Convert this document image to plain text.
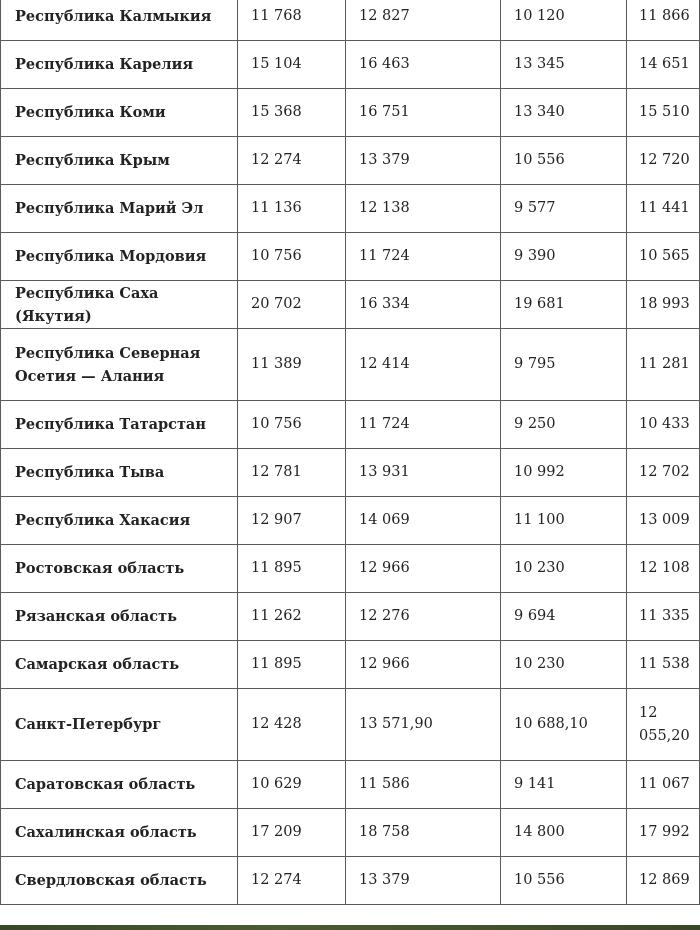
Республика Калмыкия	11 768	12 827	10 120	11 866
Республика Карелия	15 104	16 463	13 345	14 651
Республика Коми	15 368	16 751	13 340	15 510
Республика Крым	12 274	13 379	10 556	12 720
Республика Марий Эл	11 136	12 138	9 577	11 441
Республика Мордовия	10 756	11 724	9 390	10 565
Республика Саха (Якутия)	20 702	16 334	19 681	18 993
Республика Северная Осетия — Алания	11 389	12 414	9 795	11 281
Республика Татарстан	10 756	11 724	9 250	10 433
Республика Тыва	12 781	13 931	10 992	12 702
Республика Хакасия	12 907	14 069	11 100	13 009
Ростовская область	11 895	12 966	10 230	12 108
Рязанская область	11 262	12 276	9 694	11 335
Самарская область	11 895	12 966	10 230	11 538
Санкт-Петербург	12 428	13 571,90	10 688,10	12 055,20
Саратовская область	10 629	11 586	9 141	11 067
Сахалинская область	17 209	18 758	14 800	17 992
Свердловская область	12 274	13 379	10 556	12 869
